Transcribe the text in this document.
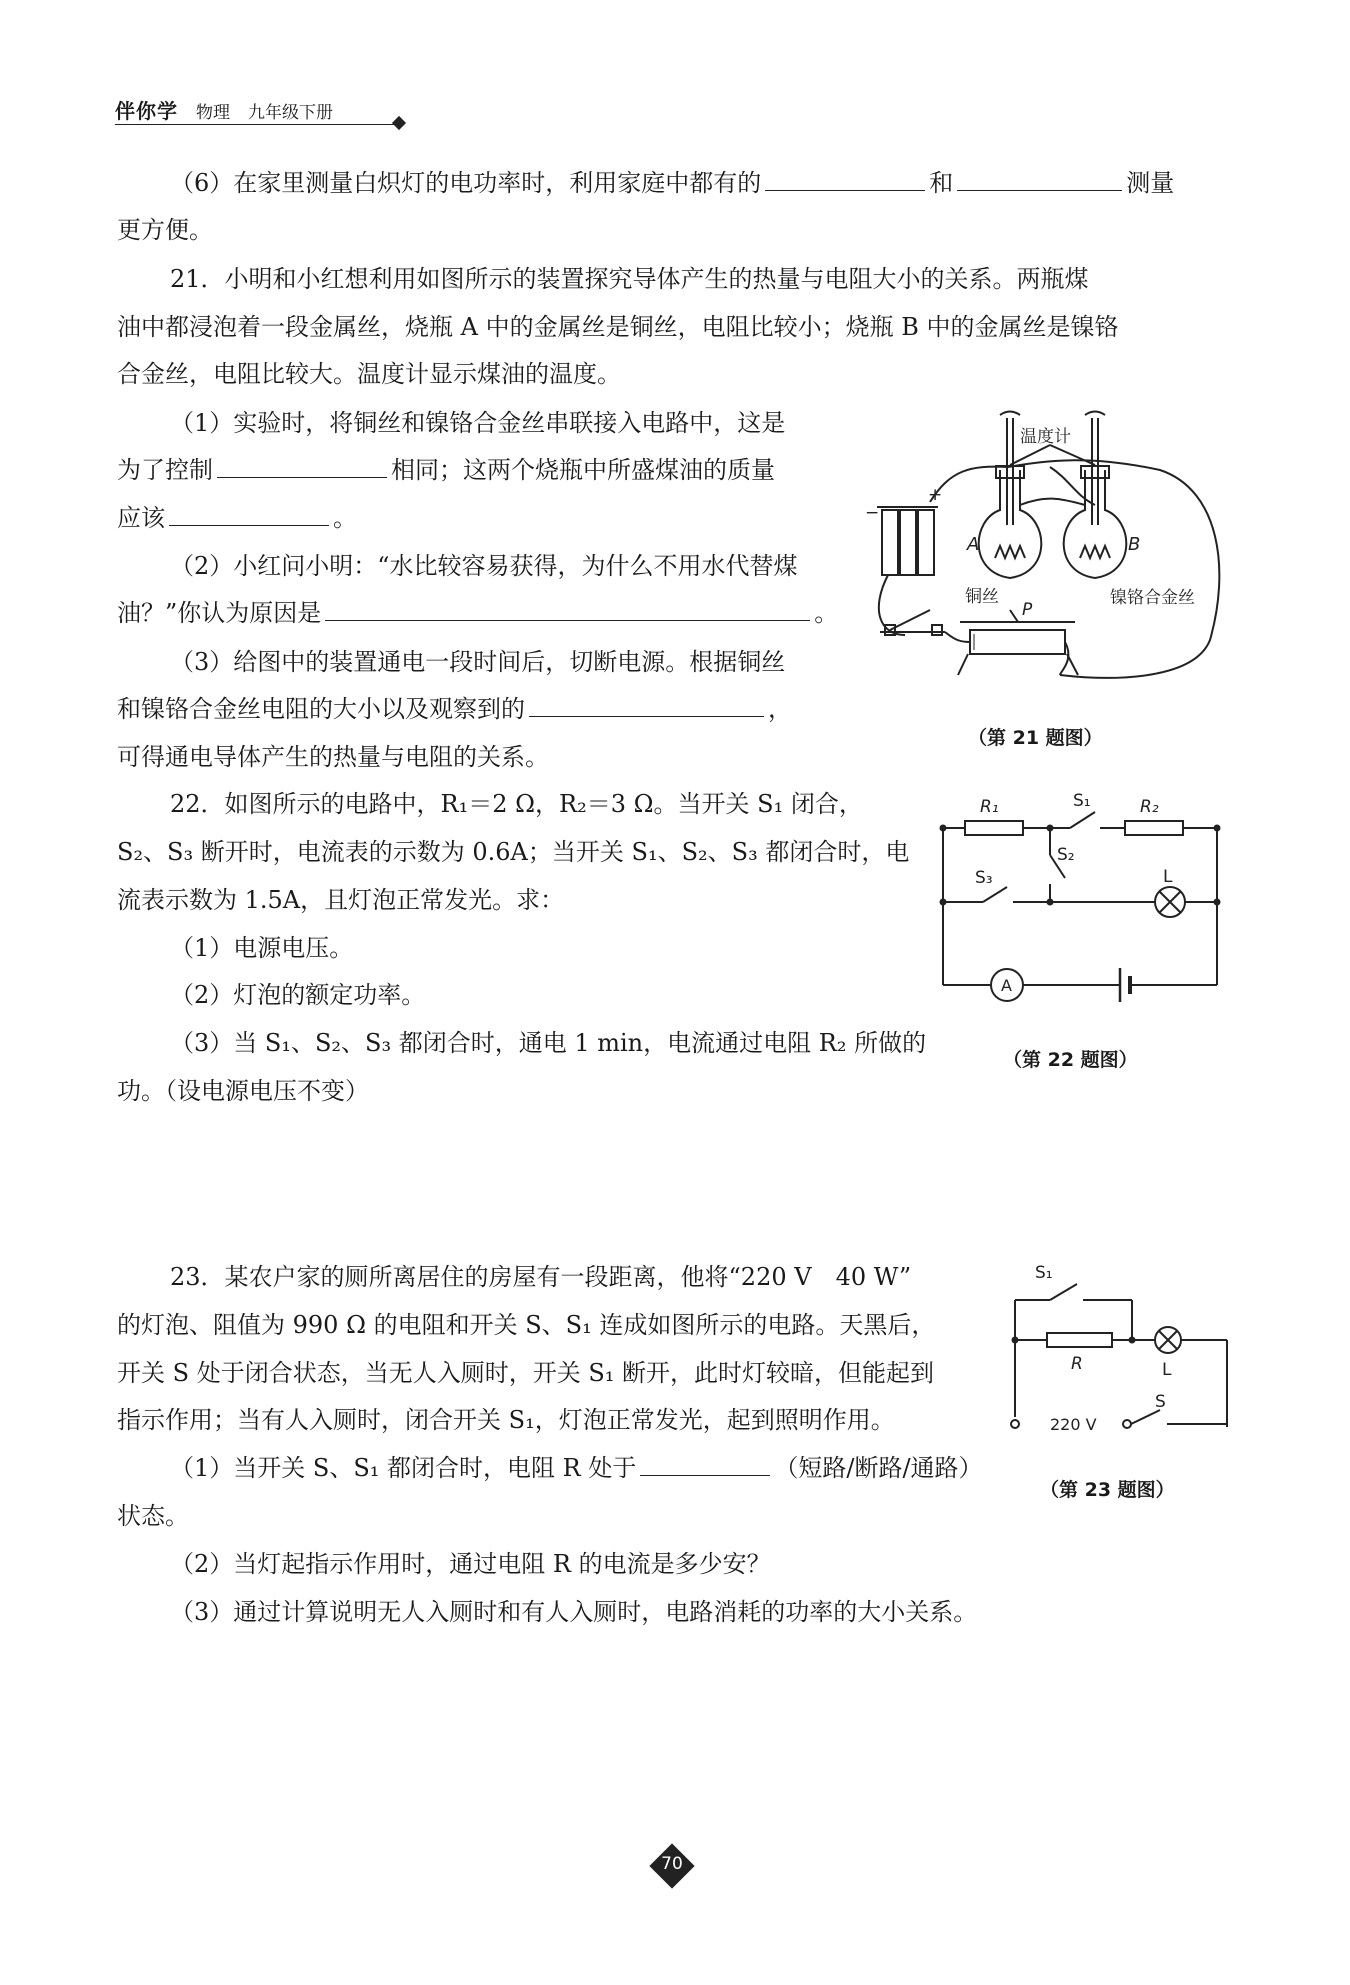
伴你学 物理 九年级下册
（6）在家里测量白炽灯的电功率时，利用家庭中都有的	和	测量
更方便。
21．小明和小红想利用如图所示的装置探究导体产生的热量与电阻大小的关系。两瓶煤
油中都浸泡着一段金属丝，烧瓶 A 中的金属丝是铜丝，电阻比较小；烧瓶 B 中的金属丝是镍铬
合金丝，电阻比较大。温度计显示煤油的温度。
（1）实验时，将铜丝和镍铬合金丝串联接入电路中，这是
为了控制	相同；这两个烧瓶中所盛煤油的质量
应该	。
（2）小红问小明：“水比较容易获得，为什么不用水代替煤
油？”你认为原因是	。
（3）给图中的装置通电一段时间后，切断电源。根据铜丝
和镍铬合金丝电阻的大小以及观察到的	，
可得通电导体产生的热量与电阻的关系。
温度计
A	B
铜丝	镍铬合金丝
P
+
−
（第 21 题图）
22．如图所示的电路中，R₁＝2 Ω，R₂＝3 Ω。当开关 S₁ 闭合，
S₂、S₃ 断开时，电流表的示数为 0.6A；当开关 S₁、S₂、S₃ 都闭合时，电
流表示数为 1.5A，且灯泡正常发光。求：
（1）电源电压。
（2）灯泡的额定功率。
（3）当 S₁、S₂、S₃ 都闭合时，通电 1 min，电流通过电阻 R₂ 所做的
功。（设电源电压不变）
R₁	R₂
S₁
S₂
S₃	L
A
（第 22 题图）
23．某农户家的厕所离居住的房屋有一段距离，他将“220 V　40 W”
的灯泡、阻值为 990 Ω 的电阻和开关 S、S₁ 连成如图所示的电路。天黑后，
开关 S 处于闭合状态，当无人入厕时，开关 S₁ 断开，此时灯较暗，但能起到
指示作用；当有人入厕时，闭合开关 S₁，灯泡正常发光，起到照明作用。
（1）当开关 S、S₁ 都闭合时，电阻 R 处于	（短路/断路/通路）
状态。
（2）当灯起指示作用时，通过电阻 R 的电流是多少安？
（3）通过计算说明无人入厕时和有人入厕时，电路消耗的功率的大小关系。
S₁
R	L
220 V
S
（第 23 题图）
70
